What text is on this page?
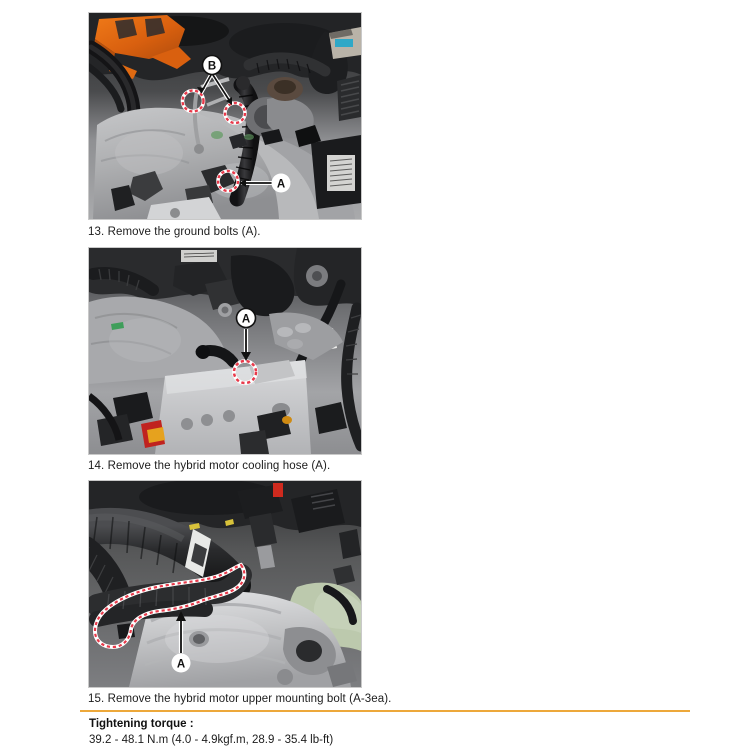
B
A
13. Remove the ground bolts (A).
A
14. Remove the hybrid motor cooling hose (A).
A
15. Remove the hybrid motor upper mounting bolt (A-3ea).
Tightening torque :
39.2 - 48.1 N.m (4.0 - 4.9kgf.m, 28.9 - 35.4 lb-ft)
